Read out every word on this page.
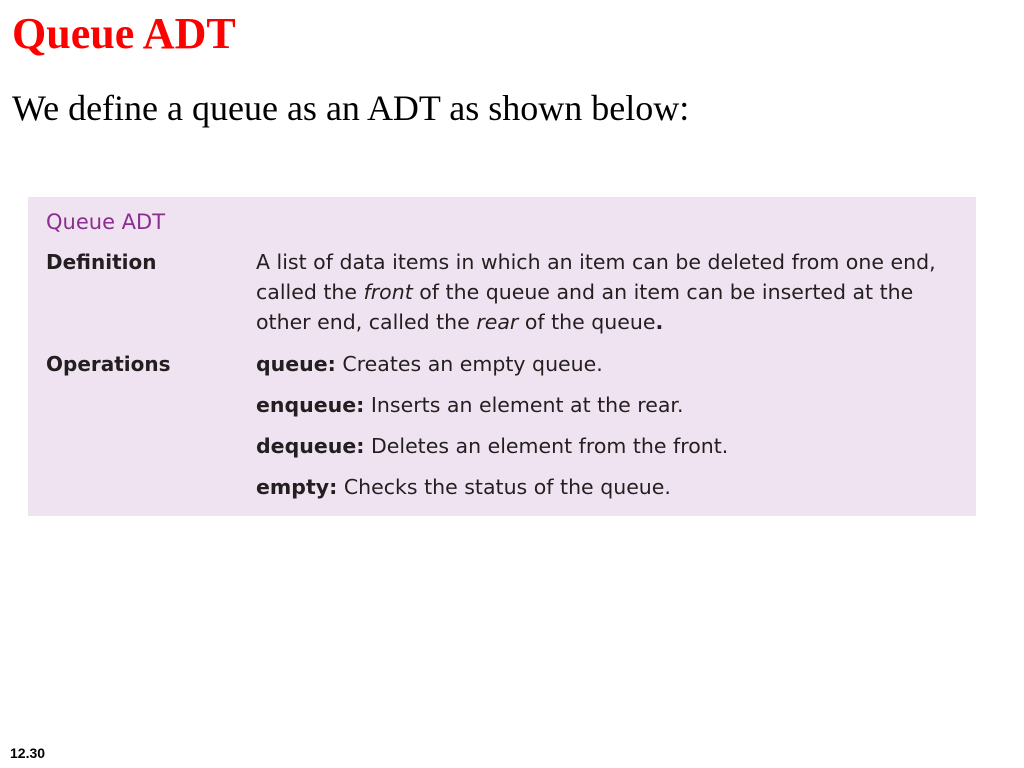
Queue ADT

We define a queue as an ADT as shown below:

Queue ADT
Definition	A list of data items in which an item can be deleted from one end, called the front of the queue and an item can be inserted at the other end, called the rear of the queue.
Operations	queue: Creates an empty queue.
enqueue: Inserts an element at the rear.
dequeue: Deletes an element from the front.
empty: Checks the status of the queue.
12.30
